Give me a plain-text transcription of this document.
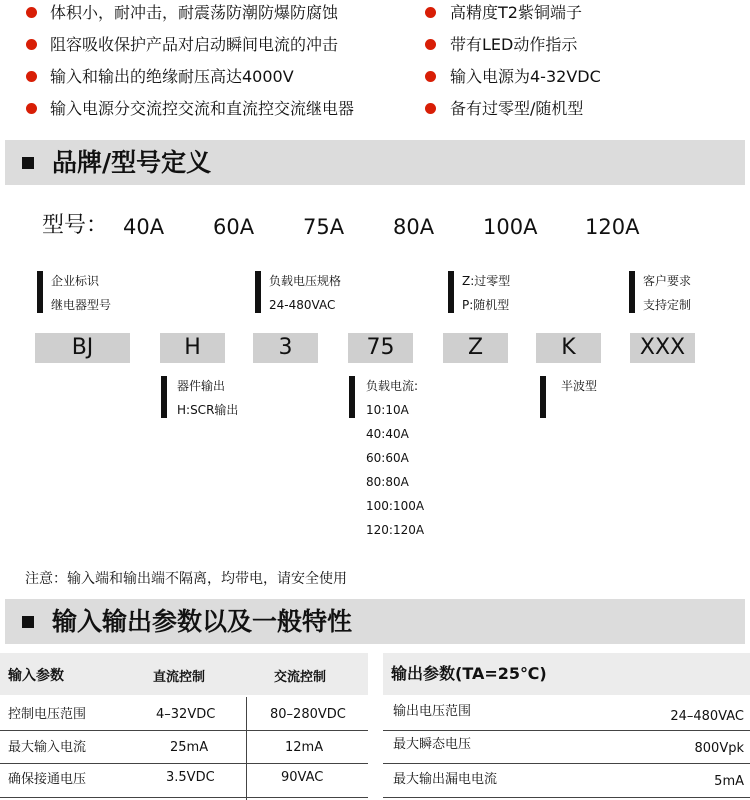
体积小，耐冲击，耐震荡防潮防爆防腐蚀
阻容吸收保护产品对启动瞬间电流的冲击
输入和输出的绝缘耐压高达4000V
输入电源分交流控交流和直流控交流继电器
高精度T2紫铜端子
带有LED动作指示
输入电源为4-32VDC
备有过零型/随机型
品牌/型号定义
型号： 40A 60A 75A 80A 100A 120A
企业标识
继电器型号
负载电压规格
24-480VAC
Z:过零型
P:随机型
客户要求
支持定制
BJ	H	3	75	Z	K	XXX
器件输出
H:SCR输出
负载电流:
10:10A
40:40A
60:60A
80:80A
100:100A
120:120A
半波型
注意：输入端和输出端不隔离，均带电，请安全使用
输入输出参数以及一般特性
输入参数	直流控制	交流控制
控制电压范围	4–32VDC	80–280VDC
最大输入电流	25mA	12mA
确保接通电压	3.5VDC	90VAC
输出参数(TA=25℃)
输出电压范围	24–480VAC
最大瞬态电压	800Vpk
最大输出漏电电流	5mA
